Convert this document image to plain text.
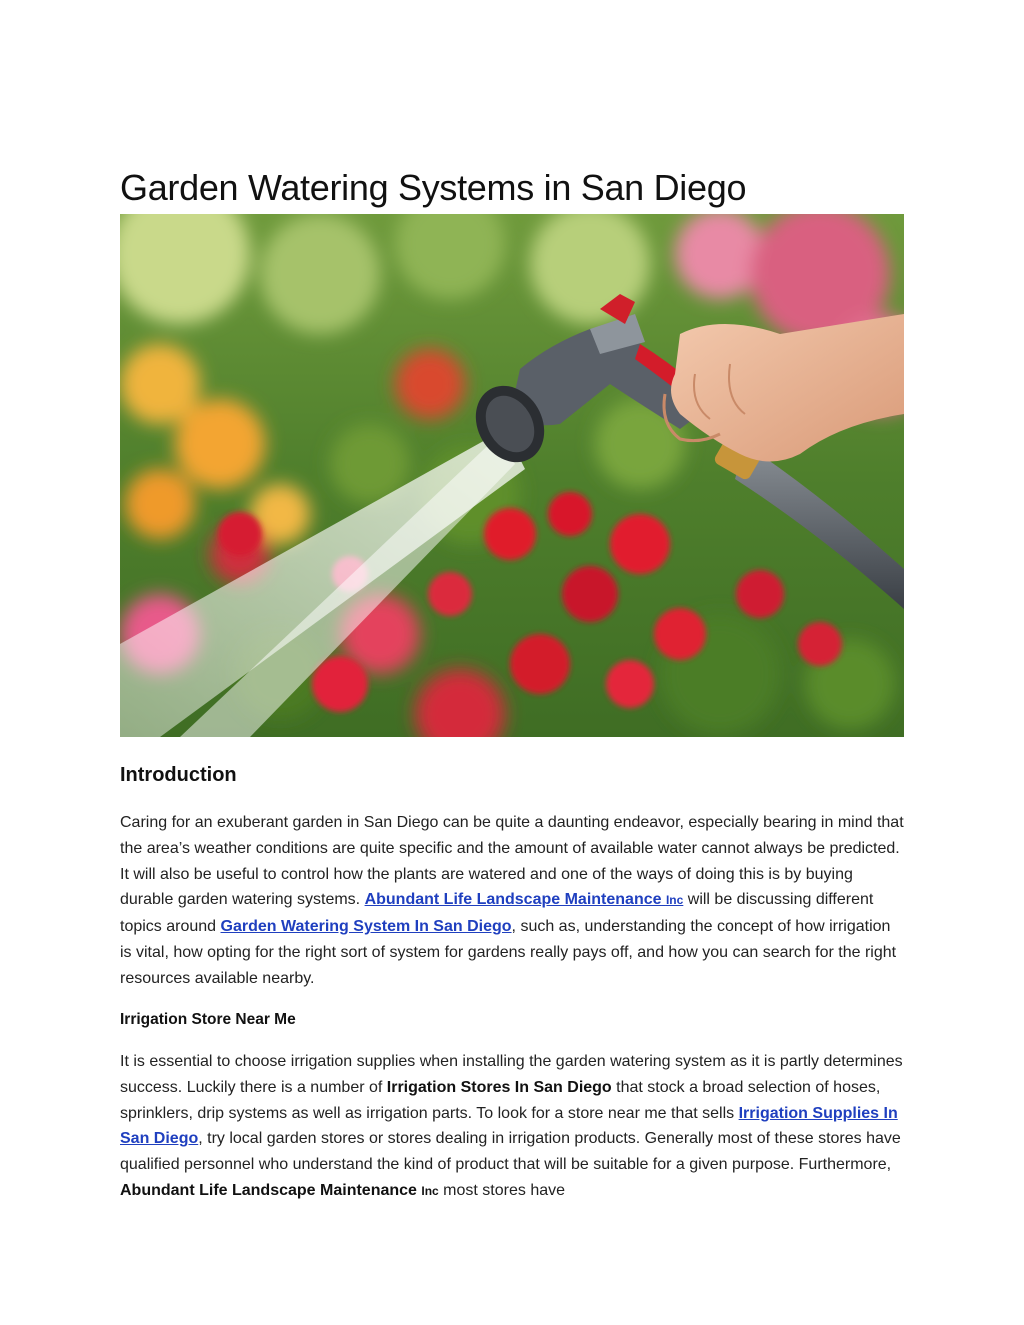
Garden Watering Systems in San Diego
Introduction

Caring for an exuberant garden in San Diego can be quite a daunting endeavor, especially bearing in mind that the area’s weather conditions are quite specific and the amount of available water cannot always be predicted. It will also be useful to control how the plants are watered and one of the ways of doing this is by buying durable garden watering systems. Abundant Life Landscape Maintenance Inc will be discussing different topics around Garden Watering System In San Diego, such as, understanding the concept of how irrigation is vital, how opting for the right sort of system for gardens really pays off, and how you can search for the right resources available nearby.

Irrigation Store Near Me

It is essential to choose irrigation supplies when installing the garden watering system as it is partly determines success. Luckily there is a number of Irrigation Stores In San Diego that stock a broad selection of hoses, sprinklers, drip systems as well as irrigation parts. To look for a store near me that sells Irrigation Supplies In San Diego, try local garden stores or stores dealing in irrigation products. Generally most of these stores have qualified personnel who understand the kind of product that will be suitable for a given purpose. Furthermore, Abundant Life Landscape Maintenance Inc most stores have
